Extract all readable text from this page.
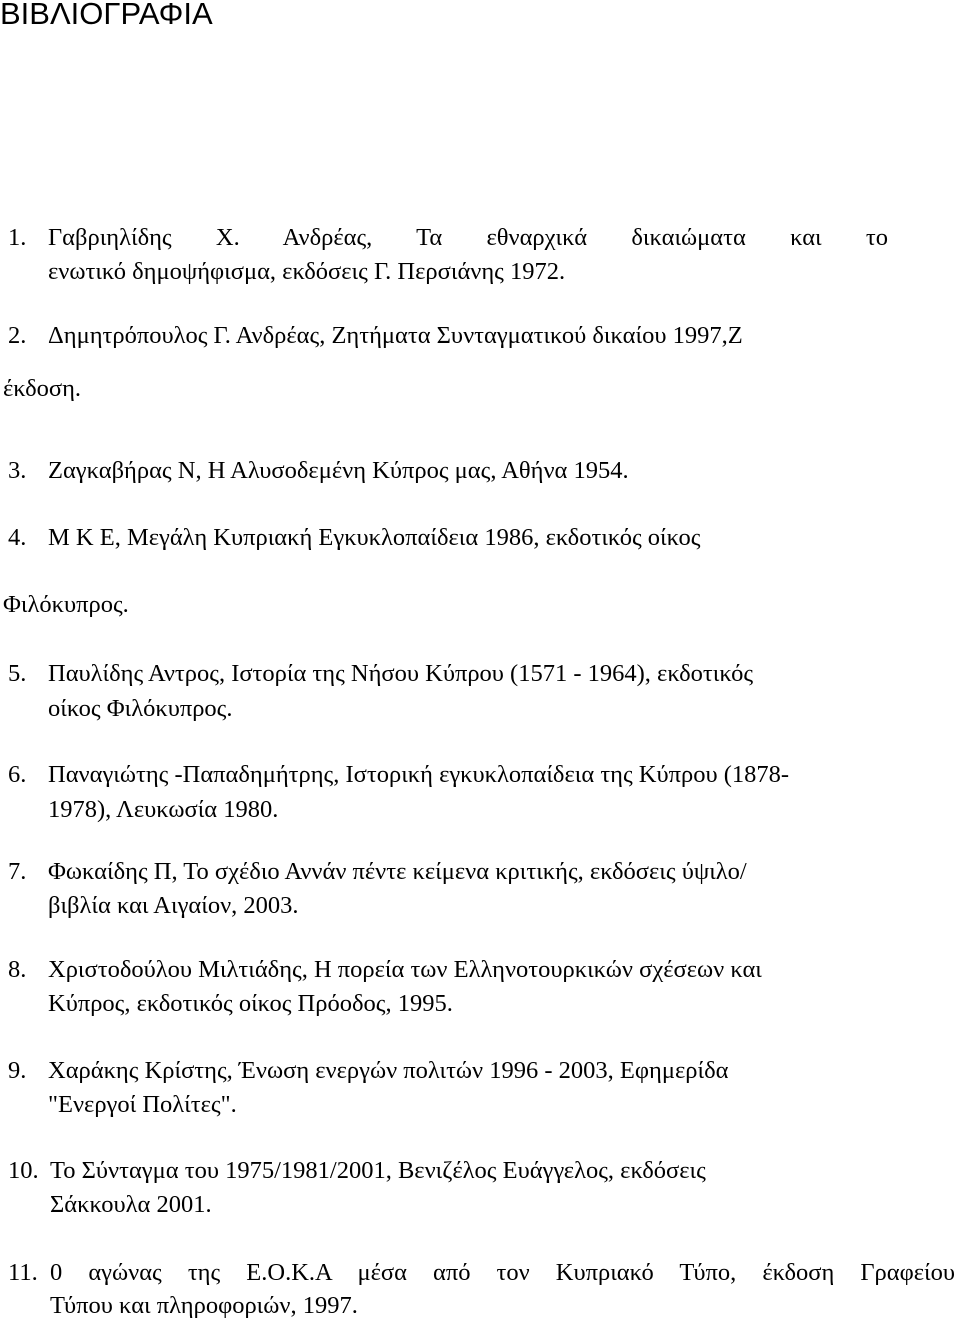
ΒΙΒΛΙΟΓΡΑΦΙΑ
1. Γαβριηλίδης Χ. Ανδρέας, Τα εθναρχικά δικαιώματα και το
ενωτικό δημοψήφισμα, εκδόσεις Γ. Περσιάνης 1972.
2. Δημητρόπουλος Γ. Ανδρέας, Ζητήματα Συνταγματικού δικαίου 1997,Ζ
έκδοση.
3. Ζαγκαβήρας Ν, Η Αλυσοδεμένη Κύπρος μας, Αθήνα 1954.
4. Μ Κ Ε, Μεγάλη Κυπριακή Εγκυκλοπαίδεια 1986, εκδοτικός οίκος
Φιλόκυπρος.
5. Παυλίδης Αντρος, Ιστορία της Νήσου Κύπρου (1571 - 1964), εκδοτικός
οίκος Φιλόκυπρος.
6. Παναγιώτης -Παπαδημήτρης, Ιστορική εγκυκλοπαίδεια της Κύπρου (1878-
1978), Λευκωσία 1980.
7. Φωκαίδης Π, Το σχέδιο Αννάν πέντε κείμενα κριτικής, εκδόσεις ύψιλο/
βιβλία και Αιγαίον, 2003.
8. Χριστοδούλου Μιλτιάδης, Η πορεία των Ελληνοτουρκικών σχέσεων και
Κύπρος, εκδοτικός οίκος Πρόοδος, 1995.
9. Χαράκης Κρίστης, Ένωση ενεργών πολιτών 1996 - 2003, Εφημερίδα
"Ενεργοί Πολίτες".
10. Το Σύνταγμα του 1975/1981/2001, Βενιζέλος Ευάγγελος, εκδόσεις
Σάκκουλα 2001.
11. 0 αγώνας της Ε.Ο.Κ.Α μέσα από τον Κυπριακό Τύπο, έκδοση Γραφείου
Τύπου και πληροφοριών, 1997.
